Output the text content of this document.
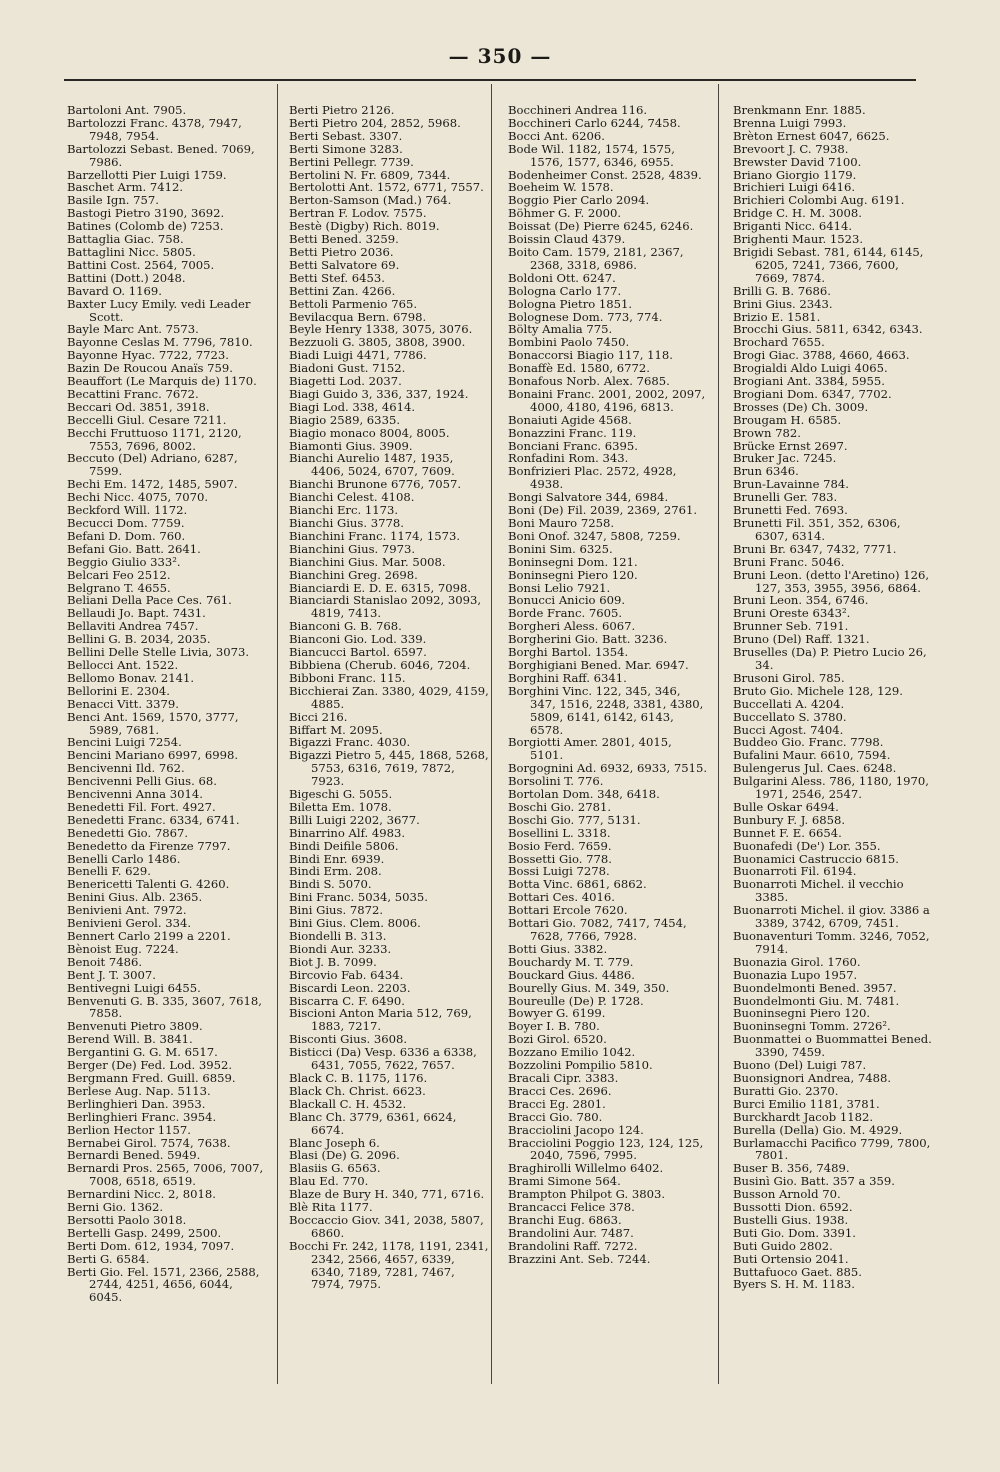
— 350 —
Bartoloni Ant. 7905.
Bartolozzi Franc. 4378, 7947, 7948, 7954.
Bartolozzi Sebast. Bened. 7069, 7986.
Barzellotti Pier Luigi 1759.
Baschet Arm. 7412.
Basile Ign. 757.
Bastogi Pietro 3190, 3692.
Batines (Colomb de) 7253.
Battaglia Giac. 758.
Battaglini Nicc. 5805.
Battini Cost. 2564, 7005.
Battini (Dott.) 2048.
Bavard O. 1169.
Baxter Lucy Emily. vedi Leader Scott.
Bayle Marc Ant. 7573.
Bayonne Ceslas M. 7796, 7810.
Bayonne Hyac. 7722, 7723.
Bazin De Roucou Anaïs 759.
Beauffort (Le Marquis de) 1170.
Becattini Franc. 7672.
Beccari Od. 3851, 3918.
Beccelli Giul. Cesare 7211.
Becchi Fruttuoso 1171, 2120, 7553, 7696, 8002.
Beccuto (Del) Adriano, 6287, 7599.
Bechi Em. 1472, 1485, 5907.
Bechi Nicc. 4075, 7070.
Beckford Will. 1172.
Becucci Dom. 7759.
Befani D. Dom. 760.
Befani Gio. Batt. 2641.
Beggio Giulio 333².
Belcari Feo 2512.
Belgrano T. 4655.
Beliani Della Pace Ces. 761.
Bellaudi Jo. Bapt. 7431.
Bellaviti Andrea 7457.
Bellini G. B. 2034, 2035.
Bellini Delle Stelle Livia, 3073.
Bellocci Ant. 1522.
Bellomo Bonav. 2141.
Bellorini E. 2304.
Benacci Vitt. 3379.
Benci Ant. 1569, 1570, 3777, 5989, 7681.
Bencini Luigi 7254.
Bencini Mariano 6997, 6998.
Bencivenni Ild. 762.
Bencivenni Pelli Gius. 68.
Bencivenni Anna 3014.
Benedetti Fil. Fort. 4927.
Benedetti Franc. 6334, 6741.
Benedetti Gio. 7867.
Benedetto da Firenze 7797.
Benelli Carlo 1486.
Benelli F. 629.
Benericetti Talenti G. 4260.
Benini Gius. Alb. 2365.
Benivieni Ant. 7972.
Benivieni Gerol. 334.
Bennert Carlo 2199 a 2201.
Bènoist Eug. 7224.
Benoit 7486.
Bent J. T. 3007.
Bentivegni Luigi 6455.
Benvenuti G. B. 335, 3607, 7618, 7858.
Benvenuti Pietro 3809.
Berend Will. B. 3841.
Bergantini G. G. M. 6517.
Berger (De) Fed. Lod. 3952.
Bergmann Fred. Guill. 6859.
Berlese Aug. Nap. 5113.
Berlinghieri Dan. 3953.
Berlinghieri Franc. 3954.
Berlion Hector 1157.
Bernabei Girol. 7574, 7638.
Bernardi Bened. 5949.
Bernardi Pros. 2565, 7006, 7007, 7008, 6518, 6519.
Bernardini Nicc. 2, 8018.
Berni Gio. 1362.
Bersotti Paolo 3018.
Bertelli Gasp. 2499, 2500.
Berti Dom. 612, 1934, 7097.
Berti G. 6584.
Berti Gio. Fel. 1571, 2366, 2588, 2744, 4251, 4656, 6044, 6045.
Berti Pietro 2126.
Berti Pietro 204, 2852, 5968.
Berti Sebast. 3307.
Berti Simone 3283.
Bertini Pellegr. 7739.
Bertolini N. Fr. 6809, 7344.
Bertolotti Ant. 1572, 6771, 7557.
Berton-Samson (Mad.) 764.
Bertran F. Lodov. 7575.
Bestè (Digby) Rich. 8019.
Betti Bened. 3259.
Betti Pietro 2036.
Betti Salvatore 69.
Betti Stef. 6453.
Bettini Zan. 4266.
Bettoli Parmenio 765.
Bevilacqua Bern. 6798.
Beyle Henry 1338, 3075, 3076.
Bezzuoli G. 3805, 3808, 3900.
Biadi Luigi 4471, 7786.
Biadoni Gust. 7152.
Biagetti Lod. 2037.
Biagi Guido 3, 336, 337, 1924.
Biagi Lod. 338, 4614.
Biagio 2589, 6335.
Biagio monaco 8004, 8005.
Biamonti Gius. 3909.
Bianchi Aurelio 1487, 1935, 4406, 5024, 6707, 7609.
Bianchi Brunone 6776, 7057.
Bianchi Celest. 4108.
Bianchi Erc. 1173.
Bianchi Gius. 3778.
Bianchini Franc. 1174, 1573.
Bianchini Gius. 7973.
Bianchini Gius. Mar. 5008.
Bianchini Greg. 2698.
Bianciardi E. D. E. 6315, 7098.
Bianciardi Stanislao 2092, 3093, 4819, 7413.
Bianconi G. B. 768.
Bianconi Gio. Lod. 339.
Biancucci Bartol. 6597.
Bibbiena (Cherub. 6046, 7204.
Bibboni Franc. 115.
Bicchierai Zan. 3380, 4029, 4159, 4885.
Bicci 216.
Biffart M. 2095.
Bigazzi Franc. 4030.
Bigazzi Pietro 5, 445, 1868, 5268, 5753, 6316, 7619, 7872, 7923.
Bigeschi G. 5055.
Biletta Em. 1078.
Billi Luigi 2202, 3677.
Binarrino Alf. 4983.
Bindi Deifile 5806.
Bindi Enr. 6939.
Bindi Erm. 208.
Bindi S. 5070.
Bini Franc. 5034, 5035.
Bini Gius. 7872.
Bini Gius. Clem. 8006.
Biondelli B. 313.
Biondi Aur. 3233.
Biot J. B. 7099.
Bircovio Fab. 6434.
Biscardi Leon. 2203.
Biscarra C. F. 6490.
Biscioni Anton Maria 512, 769, 1883, 7217.
Bisconti Gius. 3608.
Bisticci (Da) Vesp. 6336 a 6338, 6431, 7055, 7622, 7657.
Black C. B. 1175, 1176.
Black Ch. Christ. 6623.
Blackall C. H. 4532.
Blanc Ch. 3779, 6361, 6624, 6674.
Blanc Joseph 6.
Blasi (De) G. 2096.
Blasiis G. 6563.
Blau Ed. 770.
Blaze de Bury H. 340, 771, 6716.
Blè Rita 1177.
Boccaccio Giov. 341, 2038, 5807, 6860.
Bocchi Fr. 242, 1178, 1191, 2341, 2342, 2566, 4657, 6339, 6340, 7189, 7281, 7467, 7974, 7975.
Bocchineri Andrea 116.
Bocchineri Carlo 6244, 7458.
Bocci Ant. 6206.
Bode Wil. 1182, 1574, 1575, 1576, 1577, 6346, 6955.
Bodenheimer Const. 2528, 4839.
Boeheim W. 1578.
Boggio Pier Carlo 2094.
Böhmer G. F. 2000.
Boissat (De) Pierre 6245, 6246.
Boissin Claud 4379.
Boito Cam. 1579, 2181, 2367, 2368, 3318, 6986.
Boldoni Ott. 6247.
Bologna Carlo 177.
Bologna Pietro 1851.
Bolognese Dom. 773, 774.
Bölty Amalia 775.
Bombini Paolo 7450.
Bonaccorsi Biagio 117, 118.
Bonaffè Ed. 1580, 6772.
Bonafous Norb. Alex. 7685.
Bonaini Franc. 2001, 2002, 2097, 4000, 4180, 4196, 6813.
Bonaiuti Agide 4568.
Bonazzini Franc. 119.
Bonciani Franc. 6395.
Ronfadini Rom. 343.
Bonfrizieri Plac. 2572, 4928, 4938.
Bongi Salvatore 344, 6984.
Boni (De) Fil. 2039, 2369, 2761.
Boni Mauro 7258.
Boni Onof. 3247, 5808, 7259.
Bonini Sim. 6325.
Boninsegni Dom. 121.
Boninsegni Piero 120.
Bonsi Lelio 7921.
Bonucci Anicio 609.
Borde Franc. 7605.
Borgheri Aless. 6067.
Borgherini Gio. Batt. 3236.
Borghi Bartol. 1354.
Borghigiani Bened. Mar. 6947.
Borghini Raff. 6341.
Borghini Vinc. 122, 345, 346, 347, 1516, 2248, 3381, 4380, 5809, 6141, 6142, 6143, 6578.
Borgiotti Amer. 2801, 4015, 5101.
Borgognini Ad. 6932, 6933, 7515.
Borsolini T. 776.
Bortolan Dom. 348, 6418.
Boschi Gio. 2781.
Boschi Gio. 777, 5131.
Bosellini L. 3318.
Bosio Ferd. 7659.
Bossetti Gio. 778.
Bossi Luigi 7278.
Botta Vinc. 6861, 6862.
Bottari Ces. 4016.
Bottari Ercole 7620.
Bottari Gio. 7082, 7417, 7454, 7628, 7766, 7928.
Botti Gius. 3382.
Bouchardy M. T. 779.
Bouckard Gius. 4486.
Bourelly Gius. M. 349, 350.
Boureulle (De) P. 1728.
Bowyer G. 6199.
Boyer I. B. 780.
Bozi Girol. 6520.
Bozzano Emilio 1042.
Bozzolini Pompilio 5810.
Bracali Cipr. 3383.
Bracci Ces. 2696.
Bracci Eg. 2801.
Bracci Gio. 780.
Bracciolini Jacopo 124.
Bracciolini Poggio 123, 124, 125, 2040, 7596, 7995.
Braghirolli Willelmo 6402.
Brami Simone 564.
Brampton Philpot G. 3803.
Brancacci Felice 378.
Branchi Eug. 6863.
Brandolini Aur. 7487.
Brandolini Raff. 7272.
Brazzini Ant. Seb. 7244.
Brenkmann Enr. 1885.
Brenna Luigi 7993.
Brèton Ernest 6047, 6625.
Brevoort J. C. 7938.
Brewster David 7100.
Briano Giorgio 1179.
Brichieri Luigi 6416.
Brichieri Colombi Aug. 6191.
Bridge C. H. M. 3008.
Briganti Nicc. 6414.
Brighenti Maur. 1523.
Brigidi Sebast. 781, 6144, 6145, 6205, 7241, 7366, 7600, 7669, 7874.
Brilli G. B. 7686.
Brini Gius. 2343.
Brizio E. 1581.
Brocchi Gius. 5811, 6342, 6343.
Brochard 7655.
Brogi Giac. 3788, 4660, 4663.
Brogialdi Aldo Luigi 4065.
Brogiani Ant. 3384, 5955.
Brogiani Dom. 6347, 7702.
Brosses (De) Ch. 3009.
Brougam H. 6585.
Brown 782.
Brücke Ernst 2697.
Bruker Jac. 7245.
Brun 6346.
Brun-Lavainne 784.
Brunelli Ger. 783.
Brunetti Fed. 7693.
Brunetti Fil. 351, 352, 6306, 6307, 6314.
Bruni Br. 6347, 7432, 7771.
Bruni Franc. 5046.
Bruni Leon. (detto l'Aretino) 126, 127, 353, 3955, 3956, 6864.
Bruni Leon. 354, 6746.
Bruni Oreste 6343².
Brunner Seb. 7191.
Bruno (Del) Raff. 1321.
Bruselles (Da) P. Pietro Lucio 26, 34.
Brusoni Girol. 785.
Bruto Gio. Michele 128, 129.
Buccellati A. 4204.
Buccellato S. 3780.
Bucci Agost. 7404.
Buddeo Gio. Franc. 7798.
Bufalini Maur. 6610, 7594.
Bulengerus Jul. Caes. 6248.
Bulgarini Aless. 786, 1180, 1970, 1971, 2546, 2547.
Bulle Oskar 6494.
Bunbury F. J. 6858.
Bunnet F. E. 6654.
Buonafedi (De') Lor. 355.
Buonamici Castruccio 6815.
Buonarroti Fil. 6194.
Buonarroti Michel. il vecchio 3385.
Buonarroti Michel. il giov. 3386 a 3389, 3742, 6709, 7451.
Buonaventuri Tomm. 3246, 7052, 7914.
Buonazia Girol. 1760.
Buonazia Lupo 1957.
Buondelmonti Bened. 3957.
Buondelmonti Giu. M. 7481.
Buoninsegni Piero 120.
Buoninsegni Tomm. 2726².
Buonmattei o Buommattei Bened. 3390, 7459.
Buono (Del) Luigi 787.
Buonsignori Andrea, 7488.
Buratti Gio. 2370.
Burci Emilio 1181, 3781.
Burckhardt Jacob 1182.
Burella (Della) Gio. M. 4929.
Burlamacchi Pacifico 7799, 7800, 7801.
Buser B. 356, 7489.
Businì Gio. Batt. 357 a 359.
Busson Arnold 70.
Bussotti Dion. 6592.
Bustelli Gius. 1938.
Buti Gio. Dom. 3391.
Buti Guido 2802.
Buti Ortensio 2041.
Buttafuoco Gaet. 885.
Byers S. H. M. 1183.
